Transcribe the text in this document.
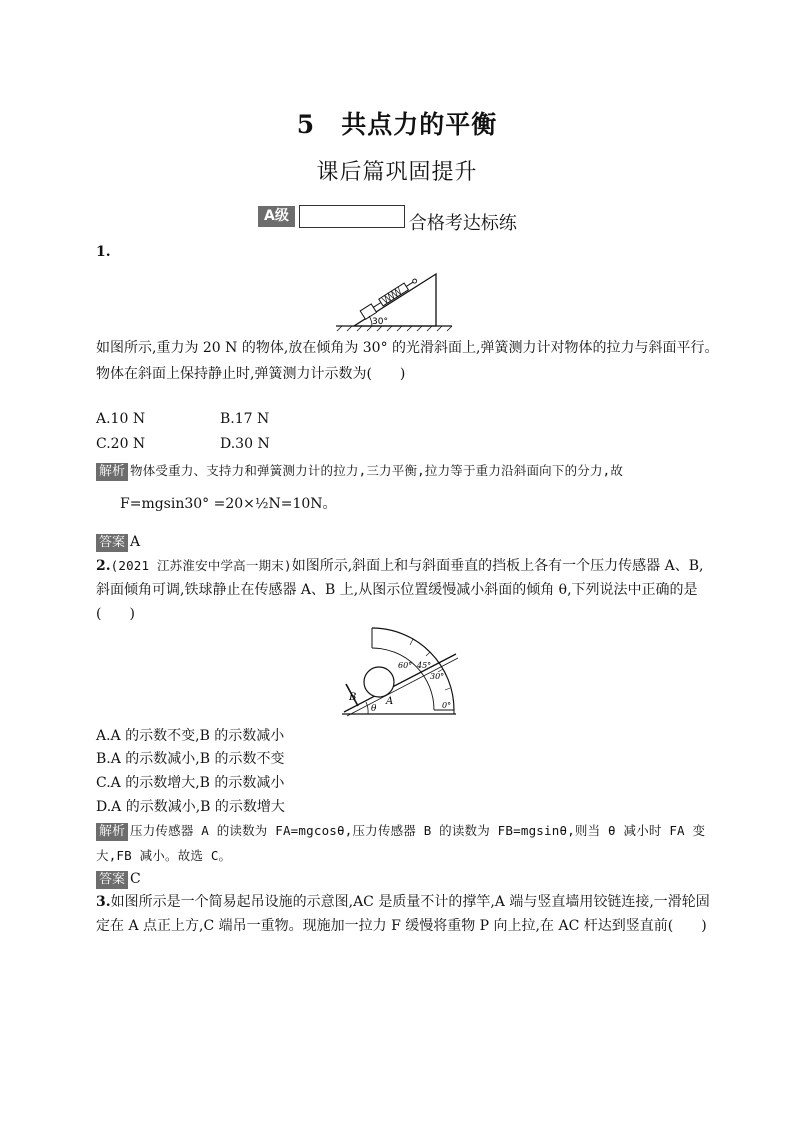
5　共点力的平衡
课后篇巩固提升
A级	合格考达标练
1.
30°
如图所示,重力为 20 N 的物体,放在倾角为 30° 的光滑斜面上,弹簧测力计对物体的拉力与斜面平行。
物体在斜面上保持静止时,弹簧测力计示数为(　　)
A.10 N	B.17 N
C.20 N	D.30 N
解析 物体受重力、支持力和弹簧测力计的拉力,三力平衡,拉力等于重力沿斜面向下的分力,故
F=mgsin30° =20×½N=10N。
答案 A
2.(2021 江苏淮安中学高一期末)如图所示,斜面上和与斜面垂直的挡板上各有一个压力传感器 A、B,
斜面倾角可调,铁球静止在传感器 A、B 上,从图示位置缓慢减小斜面的倾角 θ,下列说法中正确的是
(　　)
60° 45°
30°
0°
A
B
θ
A.A 的示数不变,B 的示数减小
B.A 的示数减小,B 的示数不变
C.A 的示数增大,B 的示数减小
D.A 的示数减小,B 的示数增大
解析 压力传感器 A 的读数为 FA=mgcosθ,压力传感器 B 的读数为 FB=mgsinθ,则当 θ 减小时 FA 变
大,FB 减小。故选 C。
答案 C
3.如图所示是一个简易起吊设施的示意图,AC 是质量不计的撑竿,A 端与竖直墙用铰链连接,一滑轮固
定在 A 点正上方,C 端吊一重物。现施加一拉力 F 缓慢将重物 P 向上拉,在 AC 杆达到竖直前(　　)
